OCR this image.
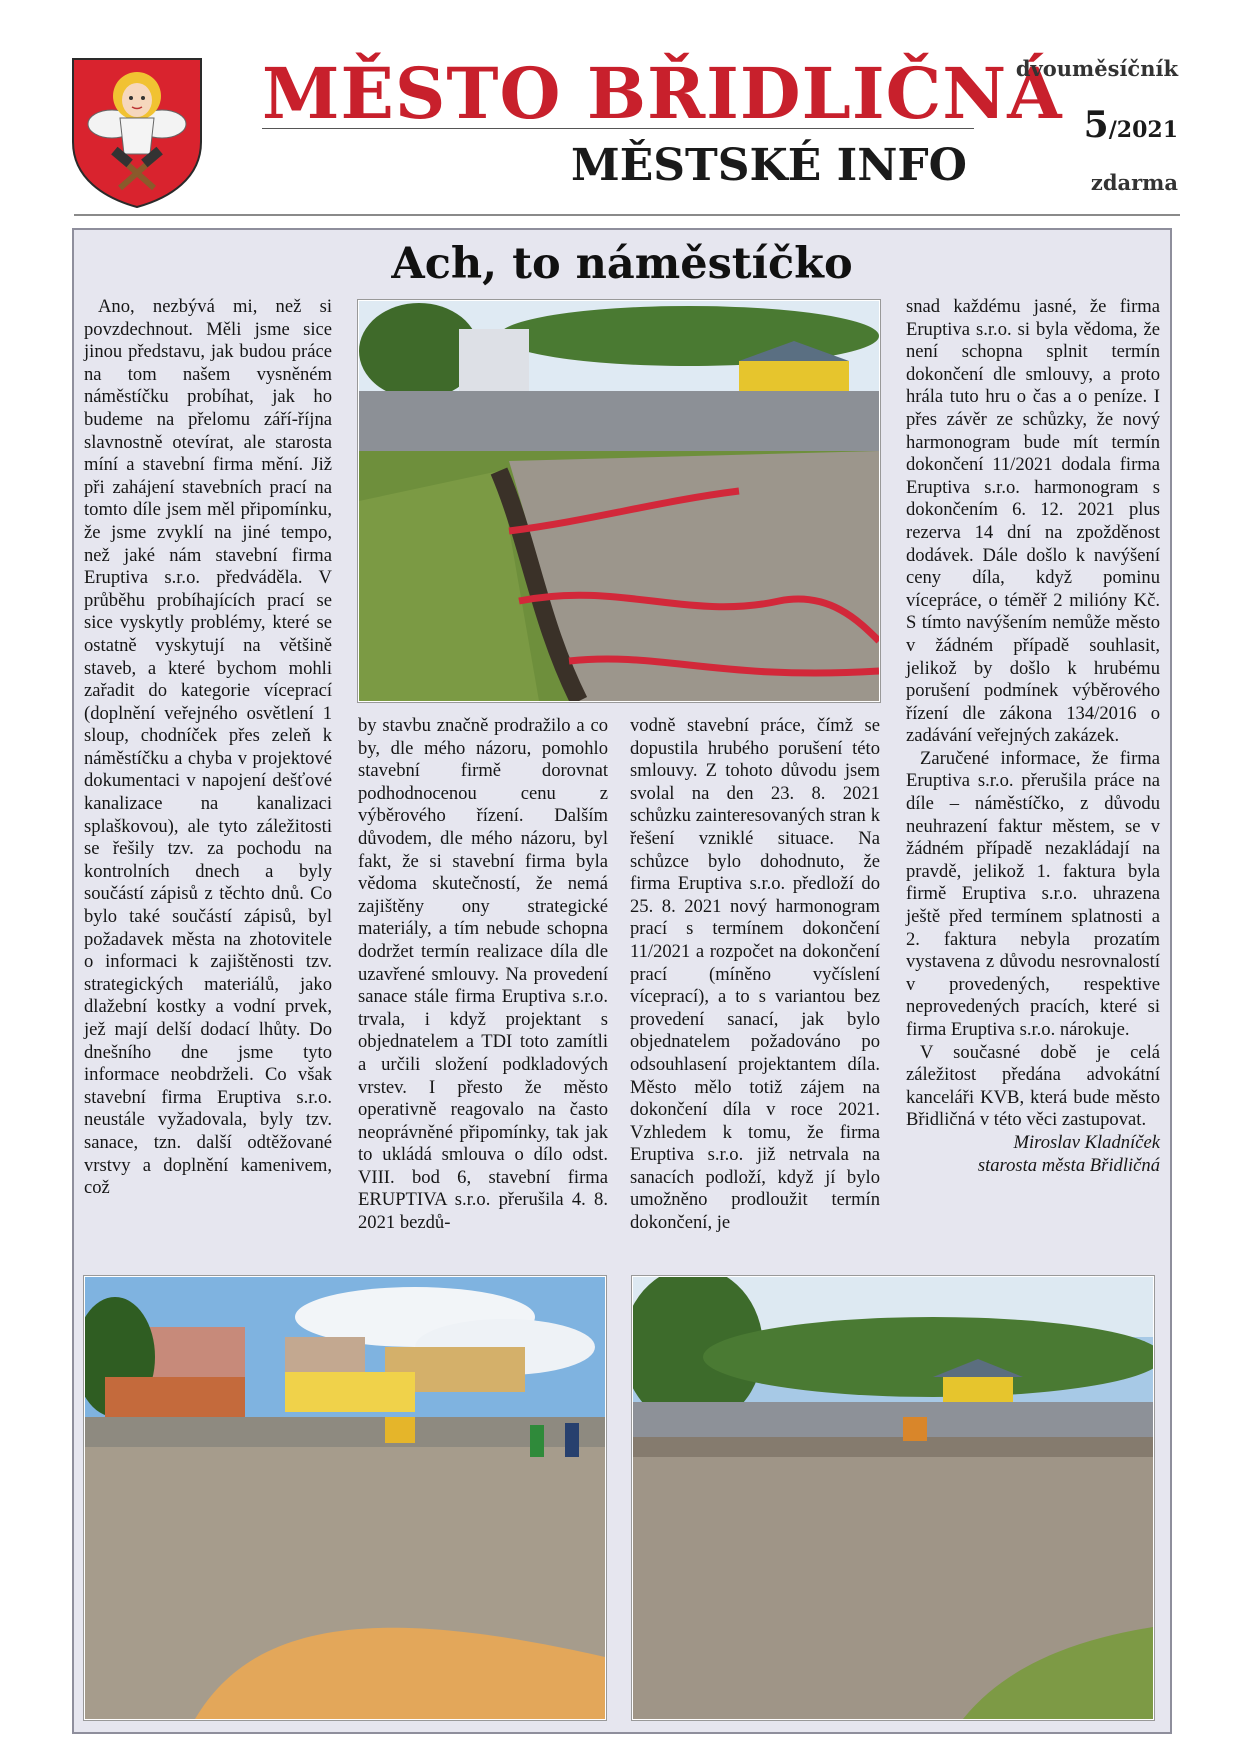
MĚSTO BŘIDLIČNÁ
MĚSTSKÉ INFO
dvouměsíčník
5/2021
zdarma
Ach, to náměstíčko

Ano, nezbývá mi, než si povzdechnout. Měli jsme sice jinou představu, jak budou práce na tom našem vysněném náměstíčku probíhat, jak ho budeme na přelomu září-října slavnostně otevírat, ale starosta míní a stavební firma mění. Již při zahájení stavebních prací na tomto díle jsem měl připomínku, že jsme zvyklí na jiné tempo, než jaké nám stavební firma Eruptiva s.r.o. předváděla. V průběhu probíhajících prací se sice vyskytly problémy, které se ostatně vyskytují na většině staveb, a které bychom mohli zařadit do kategorie víceprací (doplnění veřejného osvětlení 1 sloup, chodníček přes zeleň k náměstíčku a chyba v projektové dokumentaci v napojení dešťové kanalizace na kanalizaci splaškovou), ale tyto záležitosti se řešily tzv. za pochodu na kontrolních dnech a byly součástí zápisů z těchto dnů. Co bylo také součástí zápisů, byl požadavek města na zhotovitele o informaci k zajištěnosti tzv. strategických materiálů, jako dlažební kostky a vodní prvek, jež mají delší dodací lhůty. Do dnešního dne jsme tyto informace neobdrželi. Co však stavební firma Eruptiva s.r.o. neustále vyžadovala, byly tzv. sanace, tzn. další odtěžované vrstvy a doplnění kamenivem, což

by stavbu značně prodražilo a co by, dle mého názoru, pomohlo stavební firmě dorovnat podhodnocenou cenu z výběrového řízení. Dalším důvodem, dle mého názoru, byl fakt, že si stavební firma byla vědoma skutečností, že nemá zajištěny ony strategické materiály, a tím nebude schopna dodržet termín realizace díla dle uzavřené smlouvy. Na provedení sanace stále firma Eruptiva s.r.o. trvala, i když projektant s objednatelem a TDI toto zamítli a určili složení podkladových vrstev. I přesto že město operativně reagovalo na často neoprávněné připomínky, tak jak to ukládá smlouva o dílo odst. VIII. bod 6, stavební firma ERUPTIVA s.r.o. přerušila 4. 8. 2021 bezdů-

vodně stavební práce, čímž se dopustila hrubého porušení této smlouvy. Z tohoto důvodu jsem svolal na den 23. 8. 2021 schůzku zainteresovaných stran k řešení vzniklé situace. Na schůzce bylo dohodnuto, že firma Eruptiva s.r.o. předloží do 25. 8. 2021 nový harmonogram prací s termínem dokončení 11/2021 a rozpočet na dokončení prací (míněno vyčíslení víceprací), a to s variantou bez provedení sanací, jak bylo objednatelem požadováno po odsouhlasení projektantem díla. Město mělo totiž zájem na dokončení díla v roce 2021. Vzhledem k tomu, že firma Eruptiva s.r.o. již netrvala na sanacích podloží, když jí bylo umožněno prodloužit termín dokončení, je

snad každému jasné, že firma Eruptiva s.r.o. si byla vědoma, že není schopna splnit termín dokončení dle smlouvy, a proto hrála tuto hru o čas a o peníze. I přes závěr ze schůzky, že nový harmonogram bude mít termín dokončení 11/2021 dodala firma Eruptiva s.r.o. harmonogram s dokončením 6. 12. 2021 plus rezerva 14 dní na zpožděnost dodávek. Dále došlo k navýšení ceny díla, když pominu vícepráce, o téměř 2 milióny Kč. S tímto navýšením nemůže město v žádném případě souhlasit, jelikož by došlo k hrubému porušení podmínek výběrového řízení dle zákona 134/2016 o zadávání veřejných zakázek.

Zaručené informace, že firma Eruptiva s.r.o. přerušila práce na díle – náměstíčko, z důvodu neuhrazení faktur městem, se v žádném případě nezakládají na pravdě, jelikož 1. faktura byla firmě Eruptiva s.r.o. uhrazena ještě před termínem splatnosti a 2. faktura nebyla prozatím vystavena z důvodu nesrovnalostí v provedených, respektive neprovedených pracích, které si firma Eruptiva s.r.o. nárokuje.

V současné době je celá záležitost předána advokátní kanceláři KVB, která bude město Břidličná v této věci zastupovat.

Miroslav Kladníček

starosta města Břidličná
